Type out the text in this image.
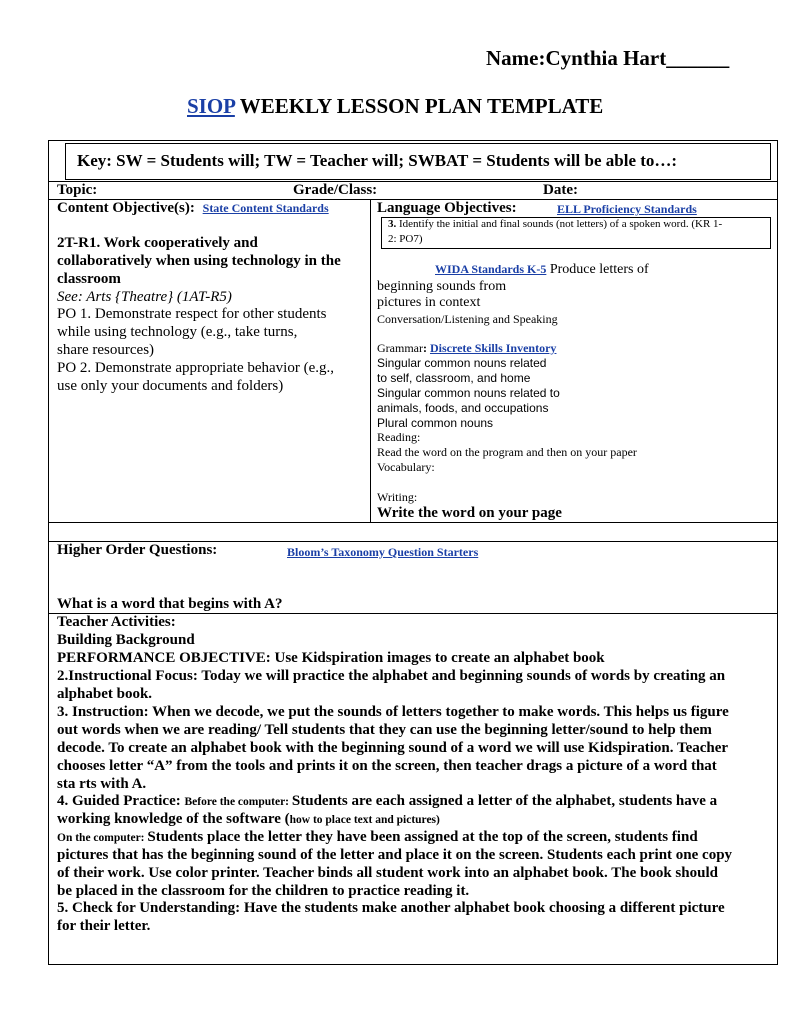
Name:Cynthia Hart______
SIOP WEEKLY LESSON PLAN TEMPLATE
Key: SW = Students will; TW = Teacher will; SWBAT = Students will be able to…:
Topic:	Grade/Class:	Date:
Content Objective(s): State Content Standards
2T-R1. Work cooperatively and
collaboratively when using technology in the
classroom
See: Arts {Theatre} (1AT-R5)
PO 1. Demonstrate respect for other students
while using technology (e.g., take turns,
share resources)
PO 2. Demonstrate appropriate behavior (e.g.,
use only your documents and folders)
Language Objectives:	ELL Proficiency Standards
3. Identify the initial and final sounds (not letters) of a spoken word. (KR 1-
2: PO7)
WIDA Standards K-5 Produce letters of
beginning sounds from
pictures in context
Conversation/Listening and Speaking
Grammar: Discrete Skills Inventory
Singular common nouns related
to self, classroom, and home
Singular common nouns related to
animals, foods, and occupations
Plural common nouns
Reading:
Read the word on the program and then on your paper
Vocabulary:
Writing:
Write the word on your page
Higher Order Questions:	Bloom’s Taxonomy Question Starters
What is a word that begins with A?
Teacher Activities:
Building Background
PERFORMANCE OBJECTIVE: Use Kidspiration images to create an alphabet book
2.Instructional Focus: Today we will practice the alphabet and beginning sounds of words by creating an
alphabet book.
3. Instruction: When we decode, we put the sounds of letters together to make words. This helps us figure
out words when we are reading/ Tell students that they can use the beginning letter/sound to help them
decode. To create an alphabet book with the beginning sound of a word we will use Kidspiration. Teacher
chooses letter “A” from the tools and prints it on the screen, then teacher drags a picture of a word that
sta rts with A.
4. Guided Practice: Before the computer: Students are each assigned a letter of the alphabet, students have a
working knowledge of the software (how to place text and pictures)
On the computer: Students place the letter they have been assigned at the top of the screen, students find
pictures that has the beginning sound of the letter and place it on the screen. Students each print one copy
of their work. Use color printer. Teacher binds all student work into an alphabet book. The book should
be placed in the classroom for the children to practice reading it.
5. Check for Understanding: Have the students make another alphabet book choosing a different picture
for their letter.
